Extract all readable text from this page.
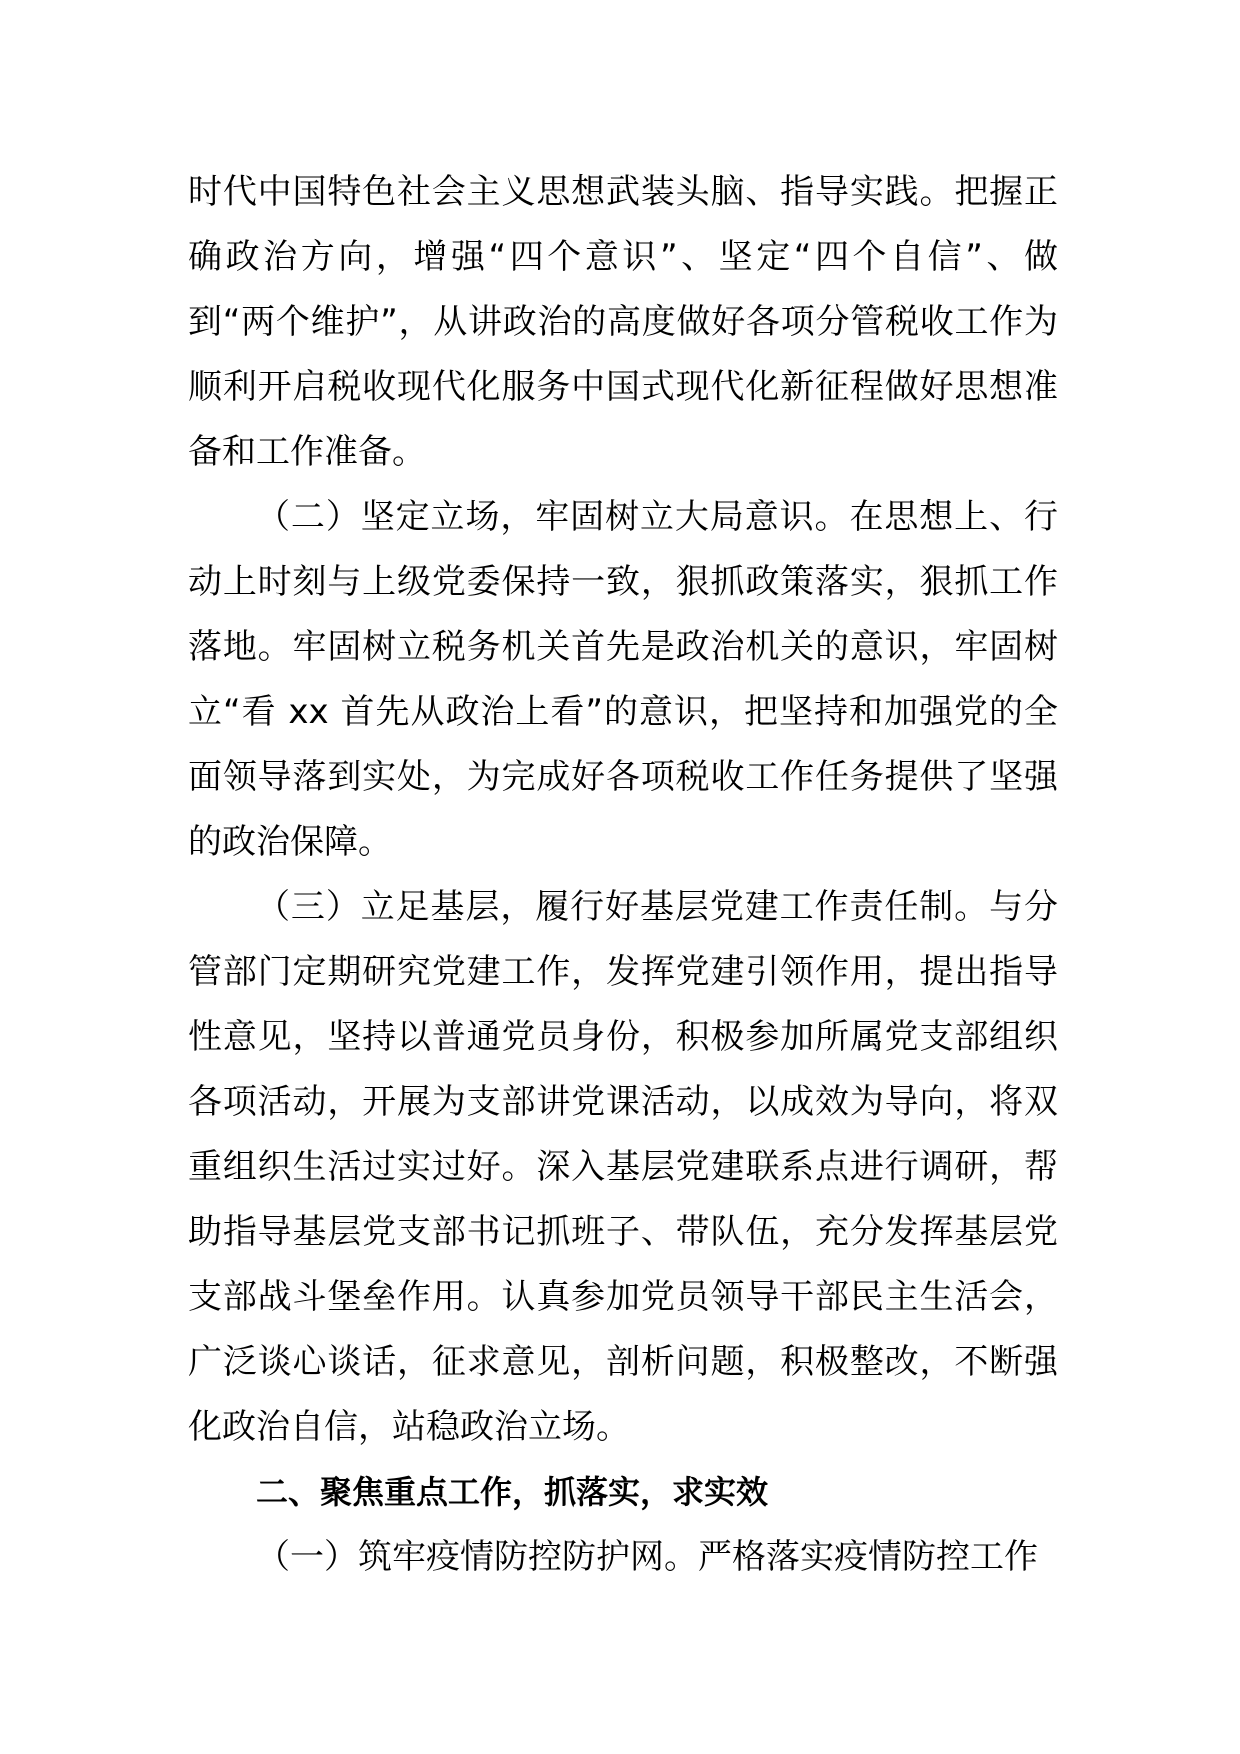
时代中国特色社会主义思想武装头脑、指导实践。把握正确政治方向，增强“四个意识”、坚定“四个自信”、做到“两个维护”，从讲政治的高度做好各项分管税收工作为顺利开启税收现代化服务中国式现代化新征程做好思想准备和工作准备。

（二）坚定立场，牢固树立大局意识。在思想上、行动上时刻与上级党委保持一致，狠抓政策落实，狠抓工作落地。牢固树立税务机关首先是政治机关的意识，牢固树立“看 xx 首先从政治上看”的意识，把坚持和加强党的全面领导落到实处，为完成好各项税收工作任务提供了坚强的政治保障。

（三）立足基层，履行好基层党建工作责任制。与分管部门定期研究党建工作，发挥党建引领作用，提出指导性意见，坚持以普通党员身份，积极参加所属党支部组织各项活动，开展为支部讲党课活动，以成效为导向，将双重组织生活过实过好。深入基层党建联系点进行调研，帮助指导基层党支部书记抓班子、带队伍，充分发挥基层党支部战斗堡垒作用。认真参加党员领导干部民主生活会，广泛谈心谈话，征求意见，剖析问题，积极整改，不断强化政治自信，站稳政治立场。

二、聚焦重点工作，抓落实，求实效

（一）筑牢疫情防控防护网。严格落实疫情防控工作
